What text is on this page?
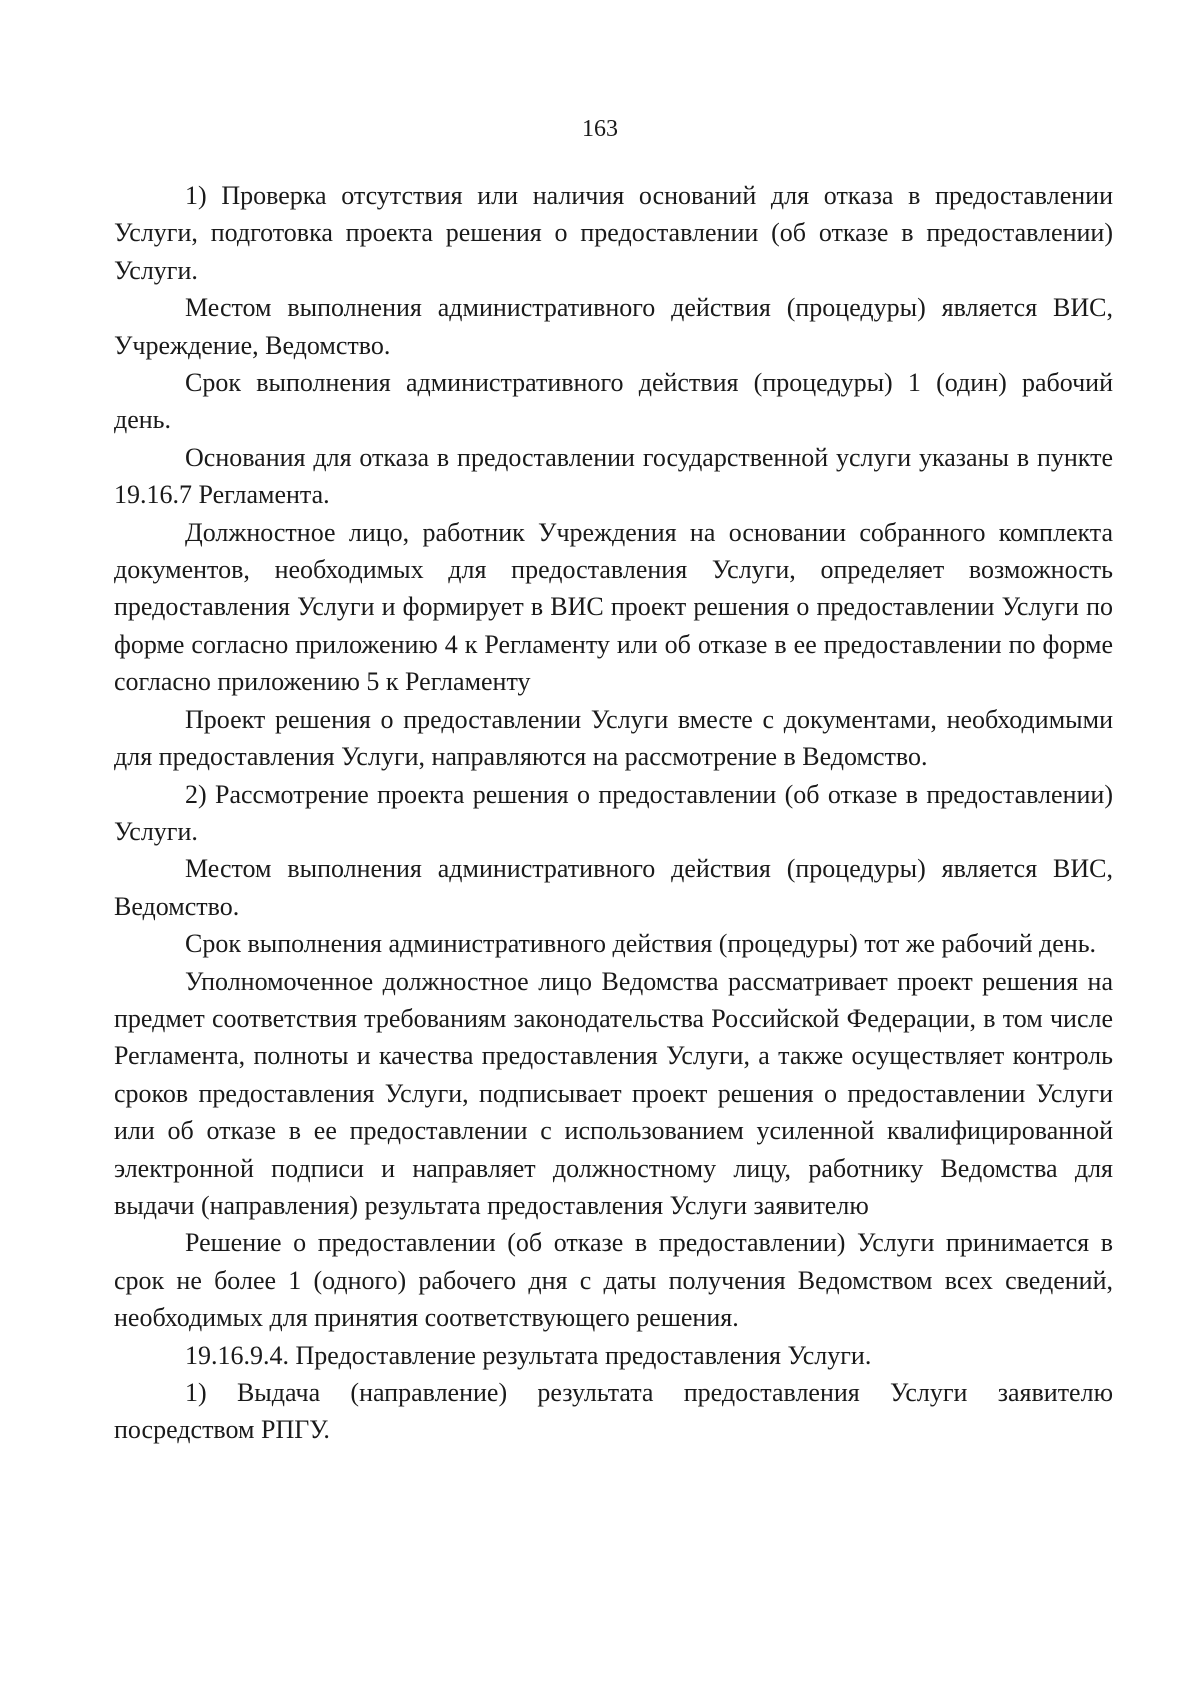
163

1) Проверка отсутствия или наличия оснований для отказа в предоставлении Услуги, подготовка проекта решения о предоставлении (об отказе в предоставлении) Услуги.

Местом выполнения административного действия (процедуры) является ВИС, Учреждение, Ведомство.

Срок выполнения административного действия (процедуры) 1 (один) рабочий день.

Основания для отказа в предоставлении государственной услуги указаны в пункте 19.16.7 Регламента.

Должностное лицо, работник Учреждения на основании собранного комплекта документов, необходимых для предоставления Услуги, определяет возможность предоставления Услуги и формирует в ВИС проект решения о предоставлении Услуги по форме согласно приложению 4 к Регламенту или об отказе в ее предоставлении по форме согласно приложению 5 к Регламенту

Проект решения о предоставлении Услуги вместе с документами, необходимыми для предоставления Услуги, направляются на рассмотрение в Ведомство.

2) Рассмотрение проекта решения о предоставлении (об отказе в предоставлении) Услуги.

Местом выполнения административного действия (процедуры) является ВИС, Ведомство.

Срок выполнения административного действия (процедуры) тот же рабочий день.

Уполномоченное должностное лицо Ведомства рассматривает проект решения на предмет соответствия требованиям законодательства Российской Федерации, в том числе Регламента, полноты и качества предоставления Услуги, а также осуществляет контроль сроков предоставления Услуги, подписывает проект решения о предоставлении Услуги или об отказе в ее предоставлении с использованием усиленной квалифицированной электронной подписи и направляет должностному лицу, работнику Ведомства для выдачи (направления) результата предоставления Услуги заявителю

Решение о предоставлении (об отказе в предоставлении) Услуги принимается в срок не более 1 (одного) рабочего дня с даты получения Ведомством всех сведений, необходимых для принятия соответствующего решения.

19.16.9.4. Предоставление результата предоставления Услуги.

1) Выдача (направление) результата предоставления Услуги заявителю посредством РПГУ.
